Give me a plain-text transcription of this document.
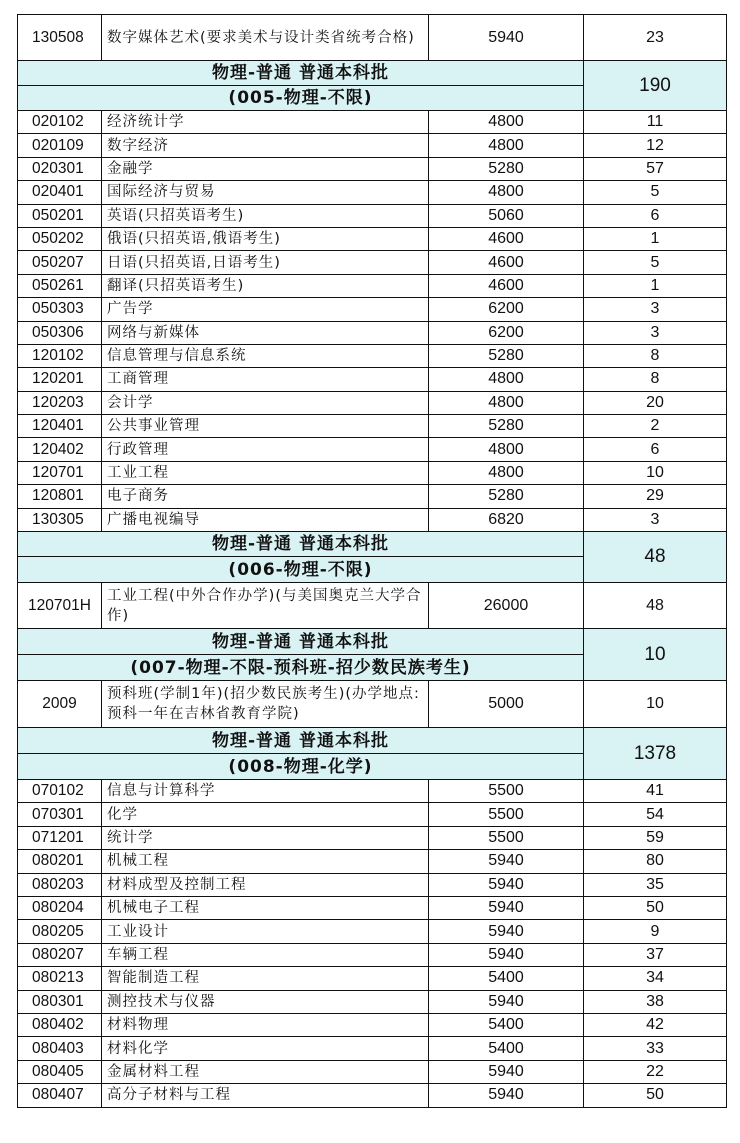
130508	数字媒体艺术(要求美术与设计类省统考合格)	5940	23
物理-普通 普通本科批			190
(005-物理-不限)			
020102	经济统计学	4800	11
020109	数字经济	4800	12
020301	金融学	5280	57
020401	国际经济与贸易	4800	5
050201	英语(只招英语考生)	5060	6
050202	俄语(只招英语,俄语考生)	4600	1
050207	日语(只招英语,日语考生)	4600	5
050261	翻译(只招英语考生)	4600	1
050303	广告学	6200	3
050306	网络与新媒体	6200	3
120102	信息管理与信息系统	5280	8
120201	工商管理	4800	8
120203	会计学	4800	20
120401	公共事业管理	5280	2
120402	行政管理	4800	6
120701	工业工程	4800	10
120801	电子商务	5280	29
130305	广播电视编导	6820	3
物理-普通 普通本科批			48
(006-物理-不限)			
120701H	工业工程(中外合作办学)(与美国奥克兰大学合作)	26000	48
物理-普通 普通本科批			10
(007-物理-不限-预科班-招少数民族考生)			
2009	预科班(学制1年)(招少数民族考生)(办学地点:预科一年在吉林省教育学院)	5000	10
物理-普通 普通本科批			1378
(008-物理-化学)			
070102	信息与计算科学	5500	41
070301	化学	5500	54
071201	统计学	5500	59
080201	机械工程	5940	80
080203	材料成型及控制工程	5940	35
080204	机械电子工程	5940	50
080205	工业设计	5940	9
080207	车辆工程	5940	37
080213	智能制造工程	5400	34
080301	测控技术与仪器	5940	38
080402	材料物理	5400	42
080403	材料化学	5400	33
080405	金属材料工程	5940	22
080407	高分子材料与工程	5940	50
